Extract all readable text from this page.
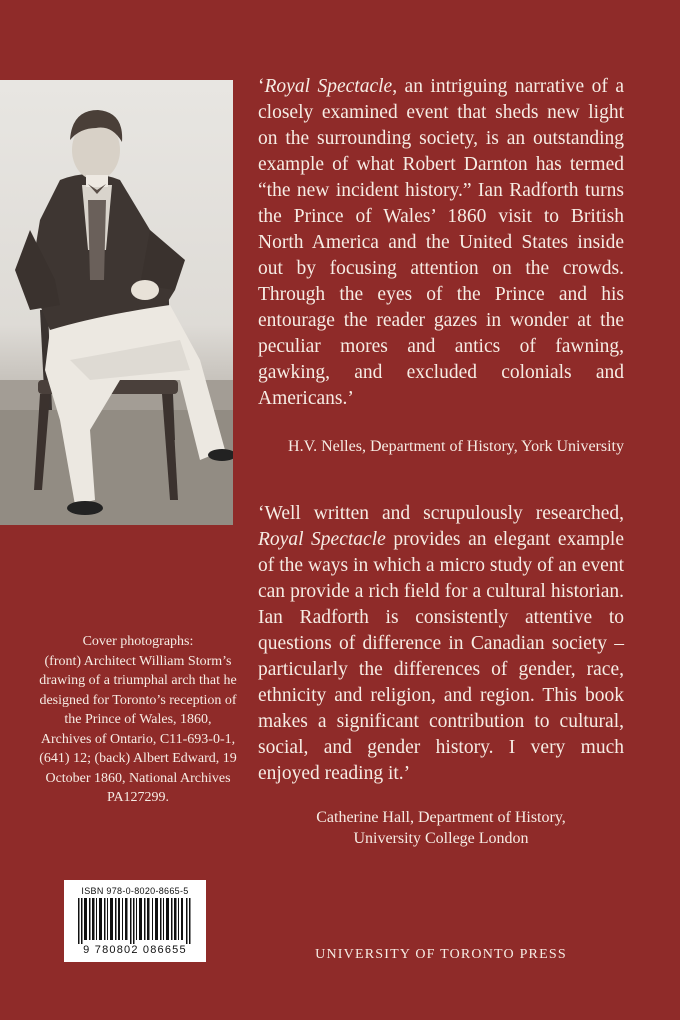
‘Royal Spectacle, an intriguing narrative of a closely examined event that sheds new light on the surrounding society, is an outstanding example of what Robert Darnton has termed “the new incident history.” Ian Radforth turns the Prince of Wales’ 1860 visit to British North America and the United States inside out by focusing attention on the crowds. Through the eyes of the Prince and his entourage the reader gazes in wonder at the peculiar mores and antics of fawning, gawking, and excluded colonials and Americans.’

H.V. Nelles, Department of History, York University

‘Well written and scrupulously researched, Royal Spectacle provides an elegant example of the ways in which a micro study of an event can provide a rich field for a cultural historian. Ian Radforth is consistently attentive to questions of difference in Canadian society – particularly the differences of gender, race, ethnicity and religion, and region. This book makes a significant contribution to cultural, social, and gender history. I very much enjoyed reading it.’

Catherine Hall, Department of History,
University College London
Cover photographs:
(front) Architect William Storm’s drawing of a triumphal arch that he designed for Toronto’s reception of the Prince of Wales, 1860, Archives of Ontario, C11-693-0-1, (641) 12; (back) Albert Edward, 19 October 1860, National Archives PA127299.
ISBN 978-0-8020-8665-5
9 780802 086655	UNIVERSITY OF TORONTO PRESS
